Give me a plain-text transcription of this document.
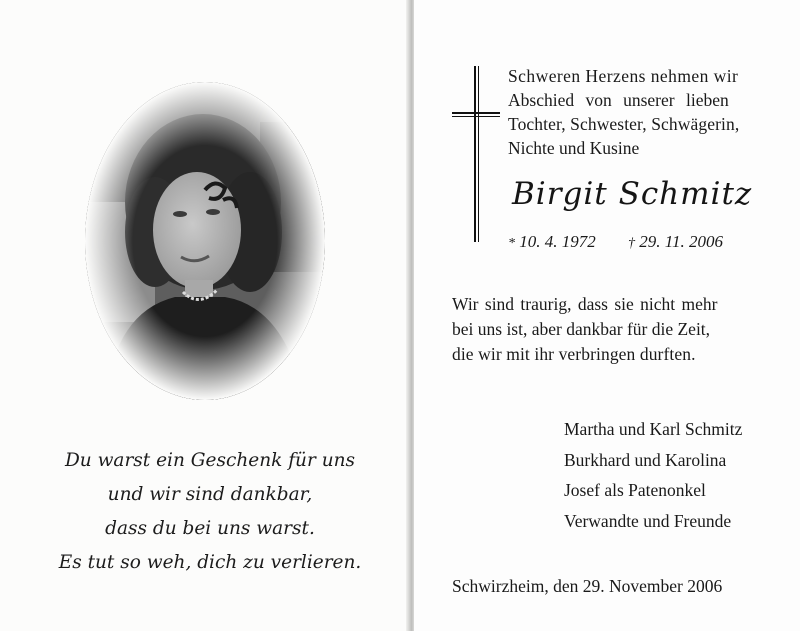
Du warst ein Geschenk für uns
und wir sind dankbar,
dass du bei uns warst.
Es tut so weh, dich zu verlieren.
Schweren Herzens nehmen wir
Abschied von unserer lieben
Tochter, Schwester, Schwägerin,
Nichte und Kusine
Birgit Schmitz
* 10. 4. 1972 † 29. 11. 2006
Wir sind traurig, dass sie nicht mehr
bei uns ist, aber dankbar für die Zeit,
die wir mit ihr verbringen durften.
Martha und Karl Schmitz
Burkhard und Karolina
Josef als Patenonkel
Verwandte und Freunde
Schwirzheim, den 29. November 2006
